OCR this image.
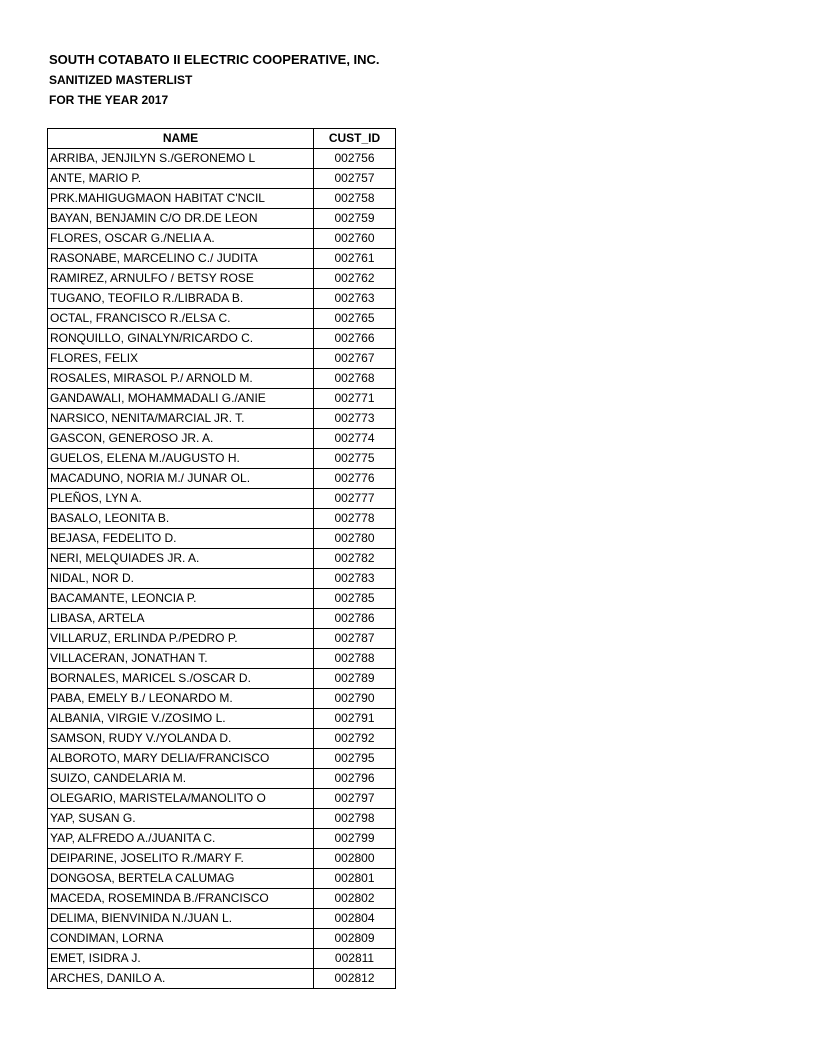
SOUTH COTABATO II ELECTRIC COOPERATIVE, INC.
SANITIZED MASTERLIST
FOR THE YEAR 2017
NAME	CUST_ID
ARRIBA, JENJILYN S./GERONEMO L	002756
ANTE, MARIO P.	002757
PRK.MAHIGUGMAON HABITAT C'NCIL	002758
BAYAN, BENJAMIN C/O DR.DE LEON	002759
FLORES, OSCAR G./NELIA A.	002760
RASONABE, MARCELINO C./ JUDITA	002761
RAMIREZ, ARNULFO / BETSY ROSE	002762
TUGANO, TEOFILO R./LIBRADA B.	002763
OCTAL, FRANCISCO R./ELSA C.	002765
RONQUILLO, GINALYN/RICARDO C.	002766
FLORES, FELIX	002767
ROSALES, MIRASOL P./ ARNOLD M.	002768
GANDAWALI, MOHAMMADALI G./ANIE	002771
NARSICO, NENITA/MARCIAL JR. T.	002773
GASCON, GENEROSO JR. A.	002774
GUELOS, ELENA M./AUGUSTO H.	002775
MACADUNO, NORIA M./ JUNAR OL.	002776
PLEÑOS, LYN A.	002777
BASALO, LEONITA B.	002778
BEJASA, FEDELITO D.	002780
NERI, MELQUIADES JR. A.	002782
NIDAL, NOR D.	002783
BACAMANTE, LEONCIA P.	002785
LIBASA, ARTELA	002786
VILLARUZ, ERLINDA P./PEDRO P.	002787
VILLACERAN, JONATHAN T.	002788
BORNALES, MARICEL S./OSCAR D.	002789
PABA, EMELY B./ LEONARDO M.	002790
ALBANIA, VIRGIE V./ZOSIMO L.	002791
SAMSON, RUDY V./YOLANDA D.	002792
ALBOROTO, MARY DELIA/FRANCISCO	002795
SUIZO, CANDELARIA M.	002796
OLEGARIO, MARISTELA/MANOLITO O	002797
YAP, SUSAN G.	002798
YAP, ALFREDO A./JUANITA C.	002799
DEIPARINE, JOSELITO R./MARY F.	002800
DONGOSA, BERTELA CALUMAG	002801
MACEDA, ROSEMINDA B./FRANCISCO	002802
DELIMA, BIENVINIDA N./JUAN L.	002804
CONDIMAN, LORNA	002809
EMET, ISIDRA J.	002811
ARCHES, DANILO A.	002812
